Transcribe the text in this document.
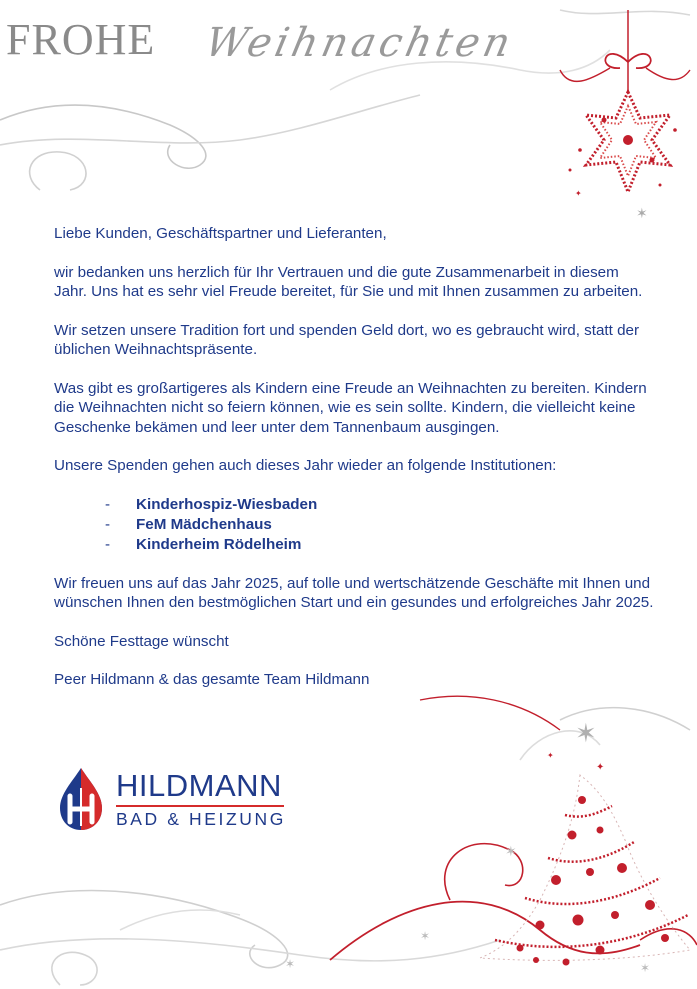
✶
✦
✶
✦
✦
✶
✶
✶	✶
FROHE Weihnachten

Liebe Kunden, Geschäftspartner und Lieferanten,

wir bedanken uns herzlich für Ihr Vertrauen und die gute Zusammenarbeit in diesem Jahr. Uns hat es sehr viel Freude bereitet, für Sie und mit Ihnen zusammen zu arbeiten.

Wir setzen unsere Tradition fort und spenden Geld dort, wo es gebraucht wird, statt der üblichen Weihnachtspräsente.

Was gibt es großartigeres als Kindern eine Freude an Weihnachten zu bereiten. Kindern die Weihnachten nicht so feiern können, wie es sein sollte. Kindern, die vielleicht keine Geschenke bekämen und leer unter dem Tannenbaum ausgingen.

Unsere Spenden gehen auch dieses Jahr wieder an folgende Institutionen:

- Kinderhospiz-Wiesbaden
- FeM Mädchenhaus
- Kinderheim Rödelheim

Wir freuen uns auf das Jahr 2025, auf tolle und wertschätzende Geschäfte mit Ihnen und wünschen Ihnen den bestmöglichen Start und ein gesundes und erfolgreiches Jahr 2025.

Schöne Festtage wünscht

Peer Hildmann & das gesamte Team Hildmann

HILDMANN
BAD & HEIZUNG
